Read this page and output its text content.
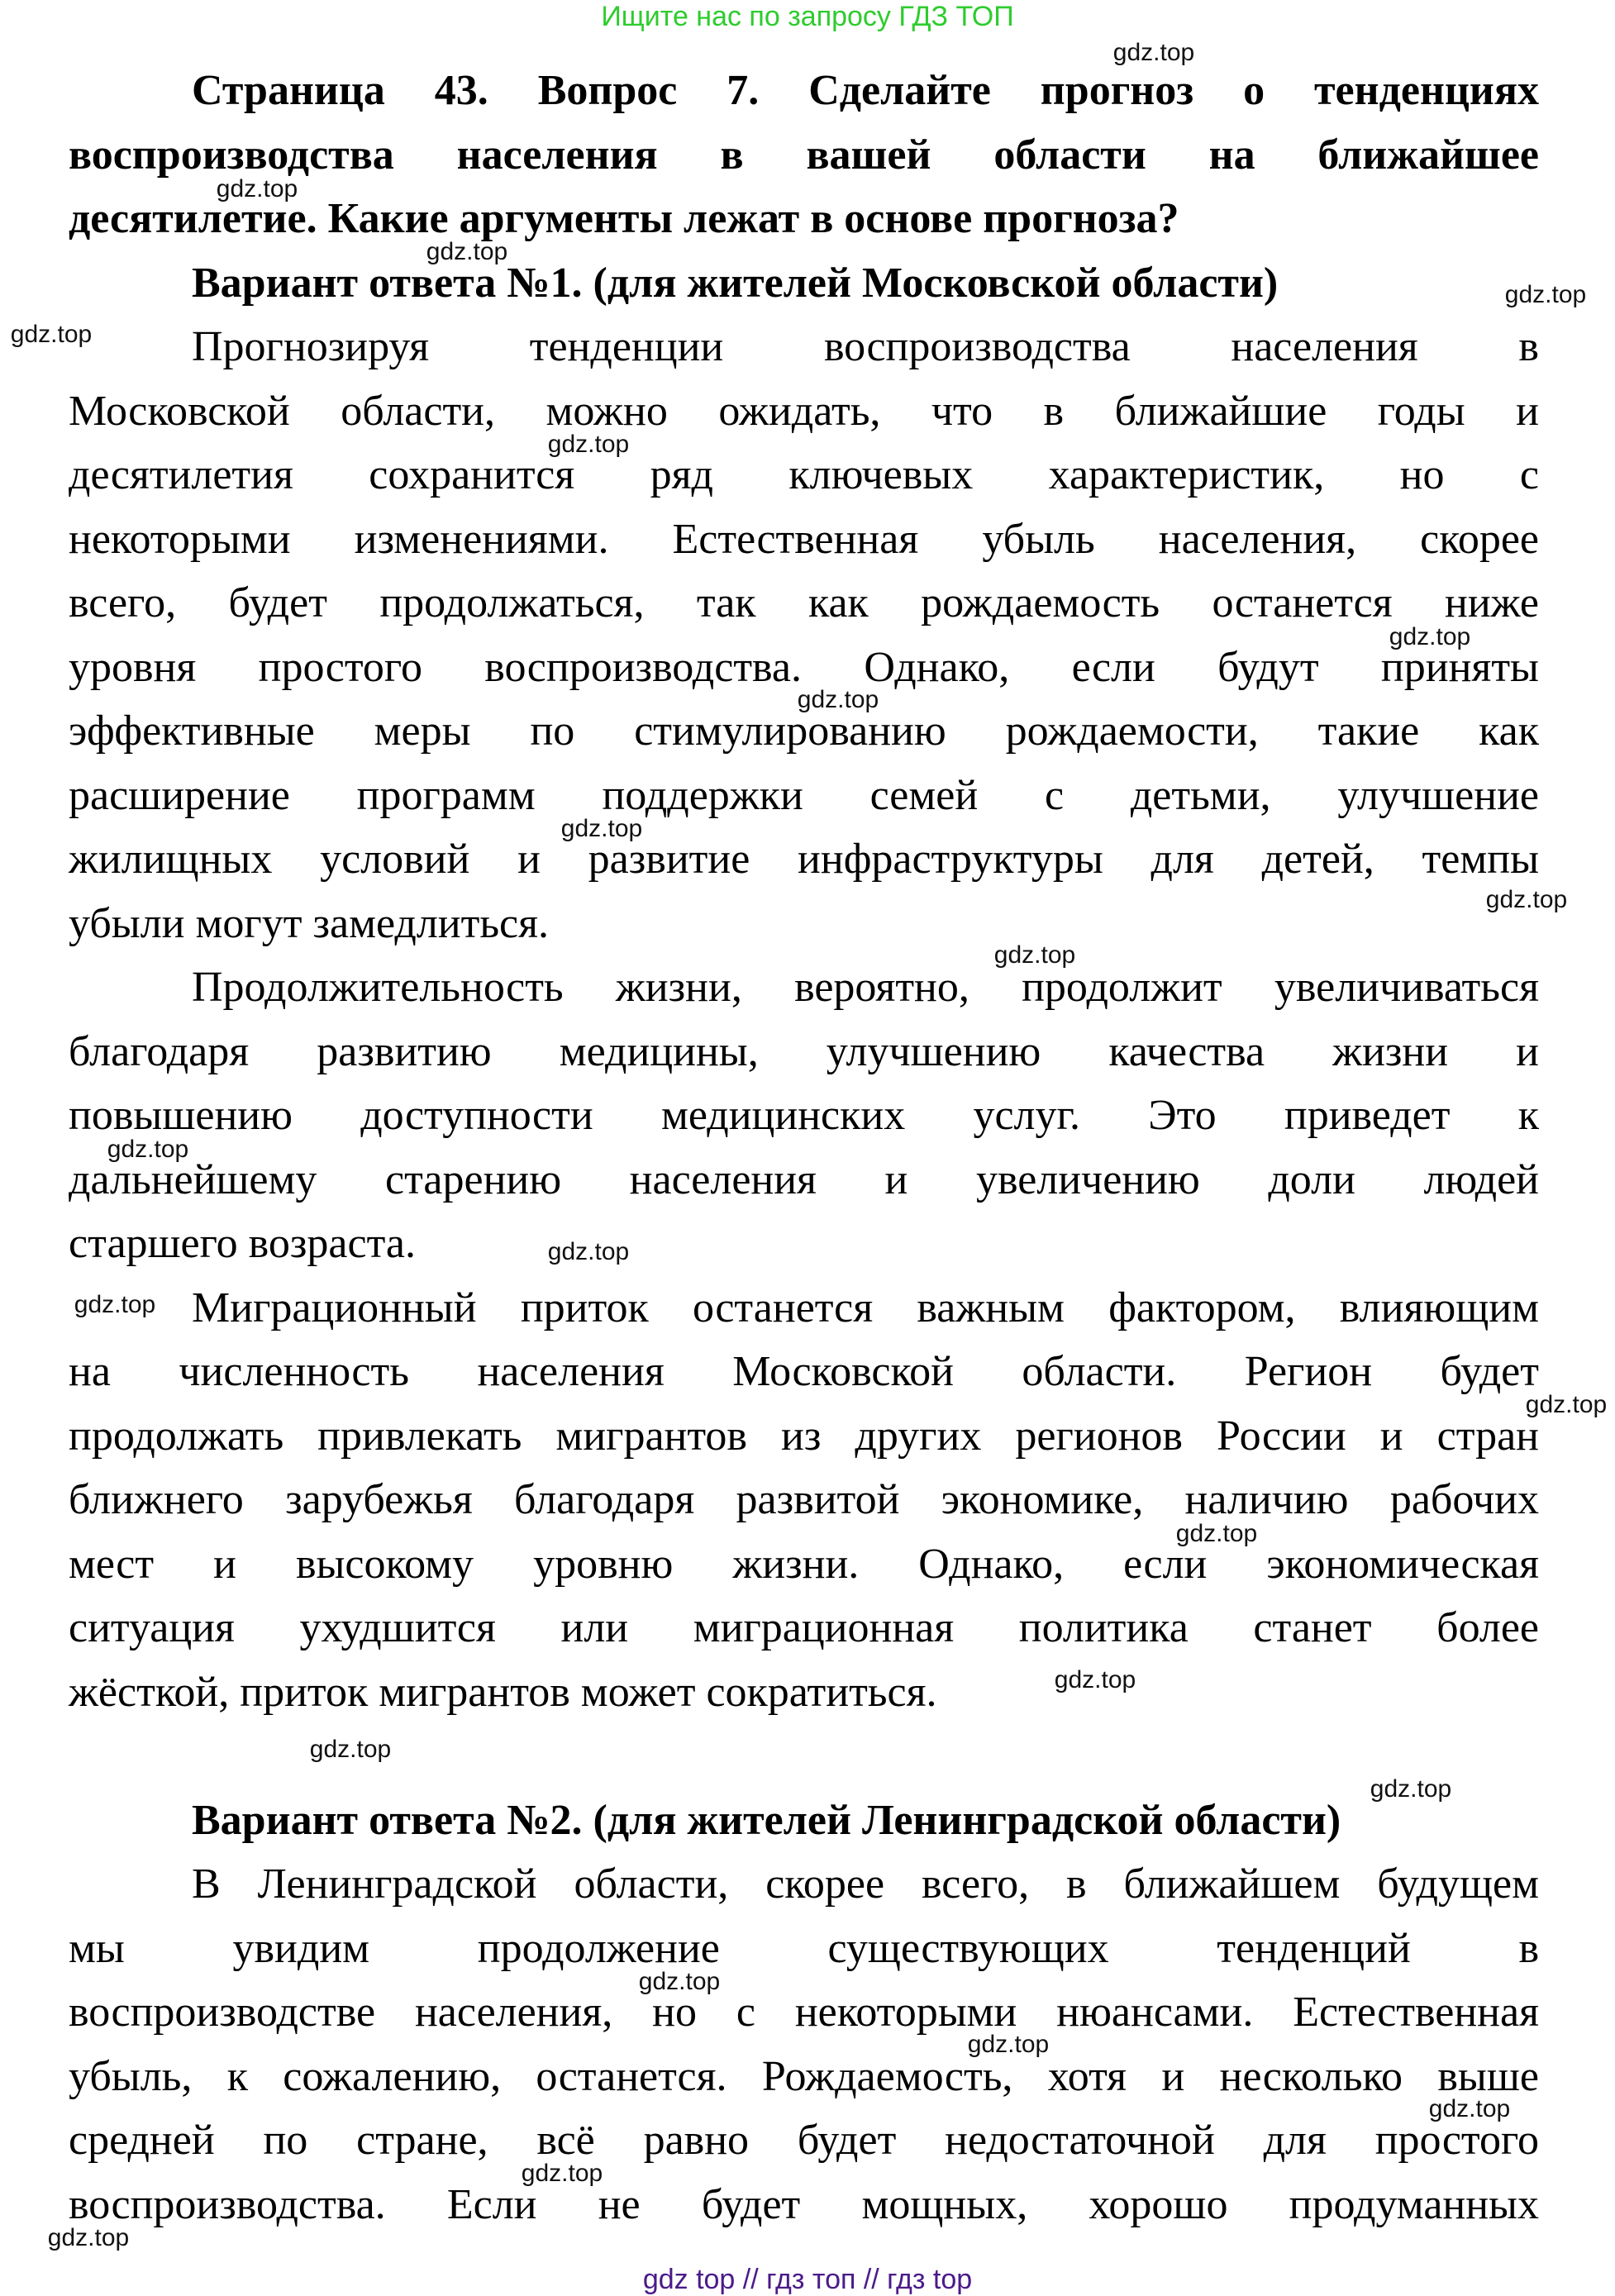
Ищите нас по запросу ГДЗ ТОП
Страница 43. Вопрос 7. Сделайте прогноз о тенденциях
воспроизводства населения в вашей области на ближайшее
десятилетие. Какие аргументы лежат в основе прогноза?
Вариант ответа №1. (для жителей Московской области)
Прогнозируя тенденции воспроизводства населения в
Московской области, можно ожидать, что в ближайшие годы и
десятилетия сохранится ряд ключевых характеристик, но с
некоторыми изменениями. Естественная убыль населения, скорее
всего, будет продолжаться, так как рождаемость останется ниже
уровня простого воспроизводства. Однако, если будут приняты
эффективные меры по стимулированию рождаемости, такие как
расширение программ поддержки семей с детьми, улучшение
жилищных условий и развитие инфраструктуры для детей, темпы
убыли могут замедлиться.
Продолжительность жизни, вероятно, продолжит увеличиваться
благодаря развитию медицины, улучшению качества жизни и
повышению доступности медицинских услуг. Это приведет к
дальнейшему старению населения и увеличению доли людей
старшего возраста.
Миграционный приток останется важным фактором, влияющим
на численность населения Московской области. Регион будет
продолжать привлекать мигрантов из других регионов России и стран
ближнего зарубежья благодаря развитой экономике, наличию рабочих
мест и высокому уровню жизни. Однако, если экономическая
ситуация ухудшится или миграционная политика станет более
жёсткой, приток мигрантов может сократиться.
Вариант ответа №2. (для жителей Ленинградской области)
В Ленинградской области, скорее всего, в ближайшем будущем
мы увидим продолжение существующих тенденций в
воспроизводстве населения, но с некоторыми нюансами. Естественная
убыль, к сожалению, останется. Рождаемость, хотя и несколько выше
средней по стране, всё равно будет недостаточной для простого
воспроизводства. Если не будет мощных, хорошо продуманных
gdz.top
gdz.top
gdz.top
gdz.top
gdz.top
gdz.top
gdz.top
gdz.top
gdz.top
gdz.top
gdz.top
gdz.top
gdz.top
gdz.top
gdz.top
gdz.top
gdz.top
gdz.top
gdz.top
gdz.top
gdz.top
gdz.top
gdz.top
gdz.top
gdz top // гдз топ // гдз top
